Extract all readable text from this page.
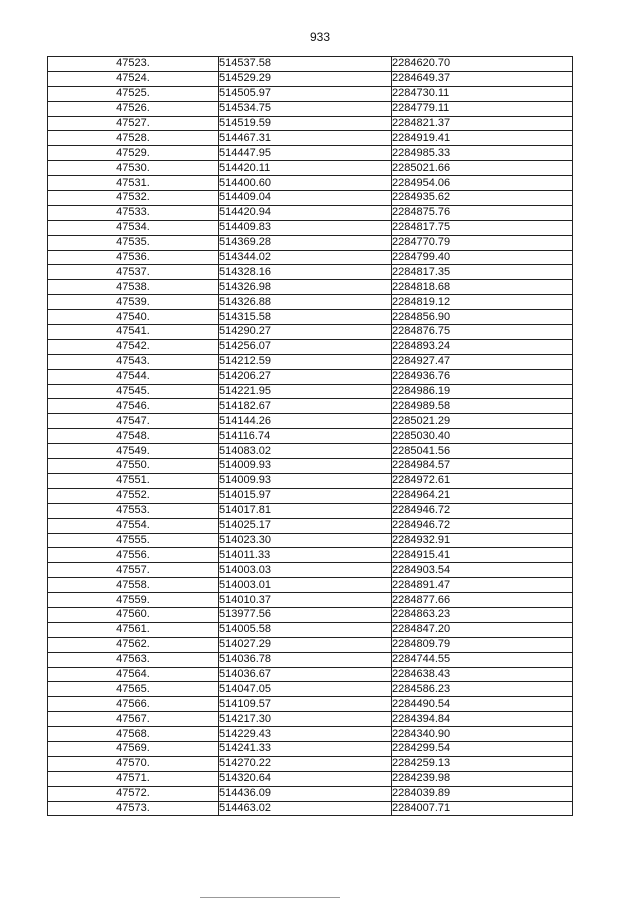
933
47523.	514537.58	2284620.70
47524.	514529.29	2284649.37
47525.	514505.97	2284730.11
47526.	514534.75	2284779.11
47527.	514519.59	2284821.37
47528.	514467.31	2284919.41
47529.	514447.95	2284985.33
47530.	514420.11	2285021.66
47531.	514400.60	2284954.06
47532.	514409.04	2284935.62
47533.	514420.94	2284875.76
47534.	514409.83	2284817.75
47535.	514369.28	2284770.79
47536.	514344.02	2284799.40
47537.	514328.16	2284817.35
47538.	514326.98	2284818.68
47539.	514326.88	2284819.12
47540.	514315.58	2284856.90
47541.	514290.27	2284876.75
47542.	514256.07	2284893.24
47543.	514212.59	2284927.47
47544.	514206.27	2284936.76
47545.	514221.95	2284986.19
47546.	514182.67	2284989.58
47547.	514144.26	2285021.29
47548.	514116.74	2285030.40
47549.	514083.02	2285041.56
47550.	514009.93	2284984.57
47551.	514009.93	2284972.61
47552.	514015.97	2284964.21
47553.	514017.81	2284946.72
47554.	514025.17	2284946.72
47555.	514023.30	2284932.91
47556.	514011.33	2284915.41
47557.	514003.03	2284903.54
47558.	514003.01	2284891.47
47559.	514010.37	2284877.66
47560.	513977.56	2284863.23
47561.	514005.58	2284847.20
47562.	514027.29	2284809.79
47563.	514036.78	2284744.55
47564.	514036.67	2284638.43
47565.	514047.05	2284586.23
47566.	514109.57	2284490.54
47567.	514217.30	2284394.84
47568.	514229.43	2284340.90
47569.	514241.33	2284299.54
47570.	514270.22	2284259.13
47571.	514320.64	2284239.98
47572.	514436.09	2284039.89
47573.	514463.02	2284007.71
